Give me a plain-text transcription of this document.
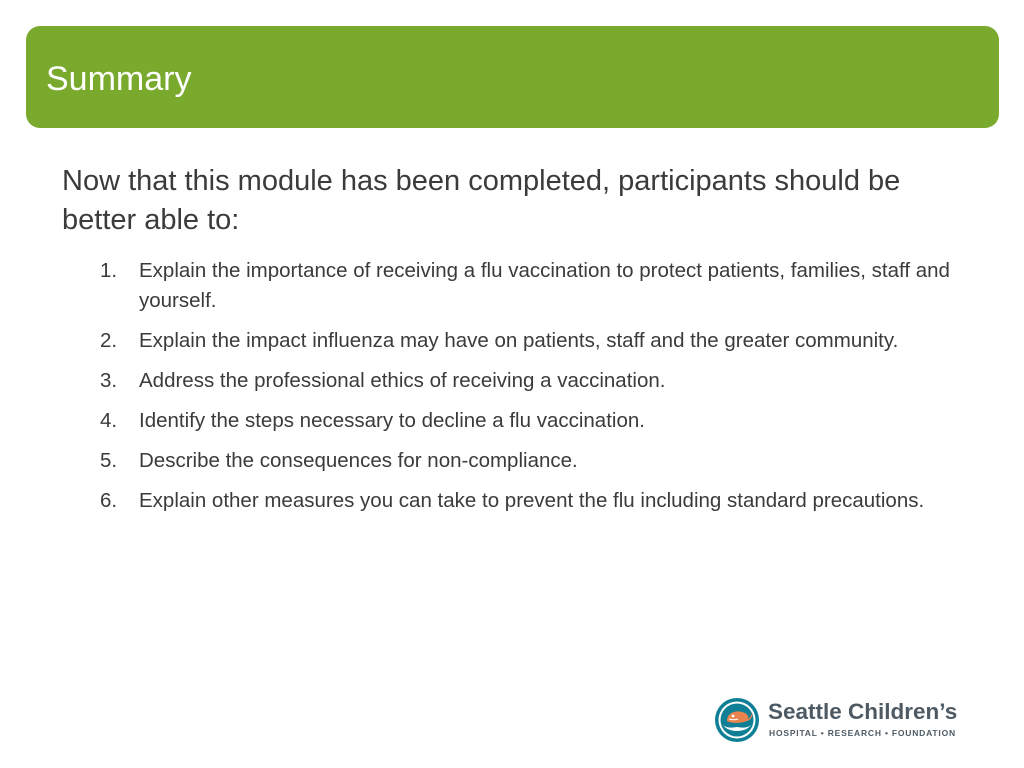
Summary

Now that this module has been completed, participants should be better able to:

1.	Explain the importance of receiving a flu vaccination to protect patients, families, staff and yourself.
2.	Explain the impact influenza may have on patients, staff and the greater community.
3.	Address the professional ethics of receiving a vaccination.
4.	Identify the steps necessary to decline a flu vaccination.
5.	Describe the consequences for non-compliance.
6.	Explain other measures you can take to prevent the flu including standard precautions.

Seattle Children’s

HOSPITAL • RESEARCH • FOUNDATION
